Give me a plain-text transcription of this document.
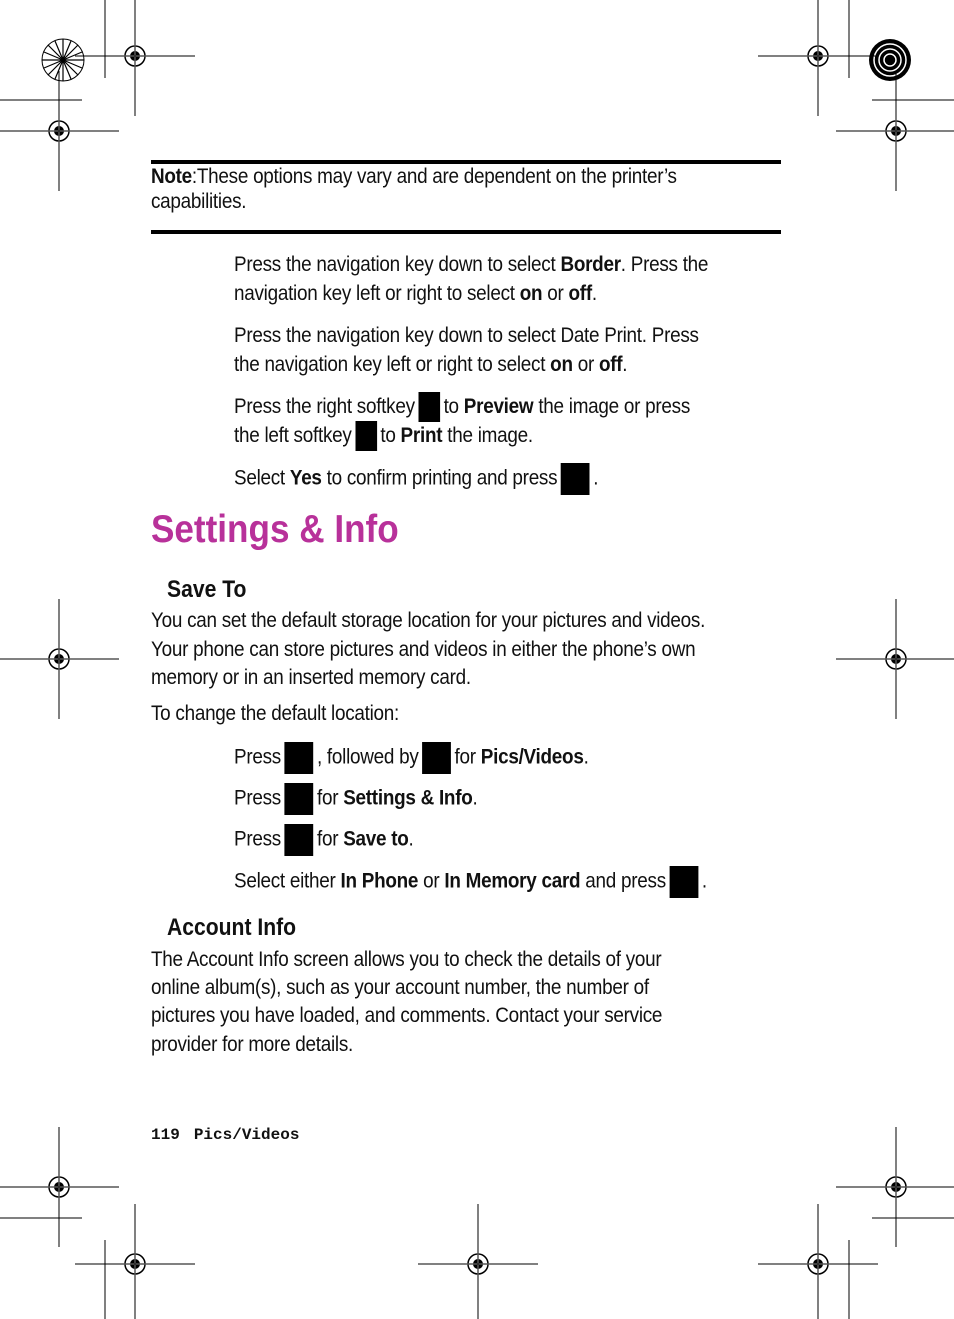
Note:These options may vary and are dependent on the printer’s
capabilities.
Press the navigation key down to select Border. Press the
navigation key left or right to select on or off.
Press the navigation key down to select Date Print. Press
the navigation key left or right to select on or off.
Press the right softkey to Preview the image or press
the left softkey to Print the image.
Select Yes to confirm printing and press .
Settings & Info
Save To
You can set the default storage location for your pictures and videos.
Your phone can store pictures and videos in either the phone’s own
memory or in an inserted memory card.
To change the default location:
Press , followed by for Pics/Videos.
Press for Settings & Info.
Press for Save to.
Select either In Phone or In Memory card and press .
Account Info
The Account Info screen allows you to check the details of your
online album(s), such as your account number, the number of
pictures you have loaded, and comments. Contact your service
provider for more details.
119 Pics/Videos
